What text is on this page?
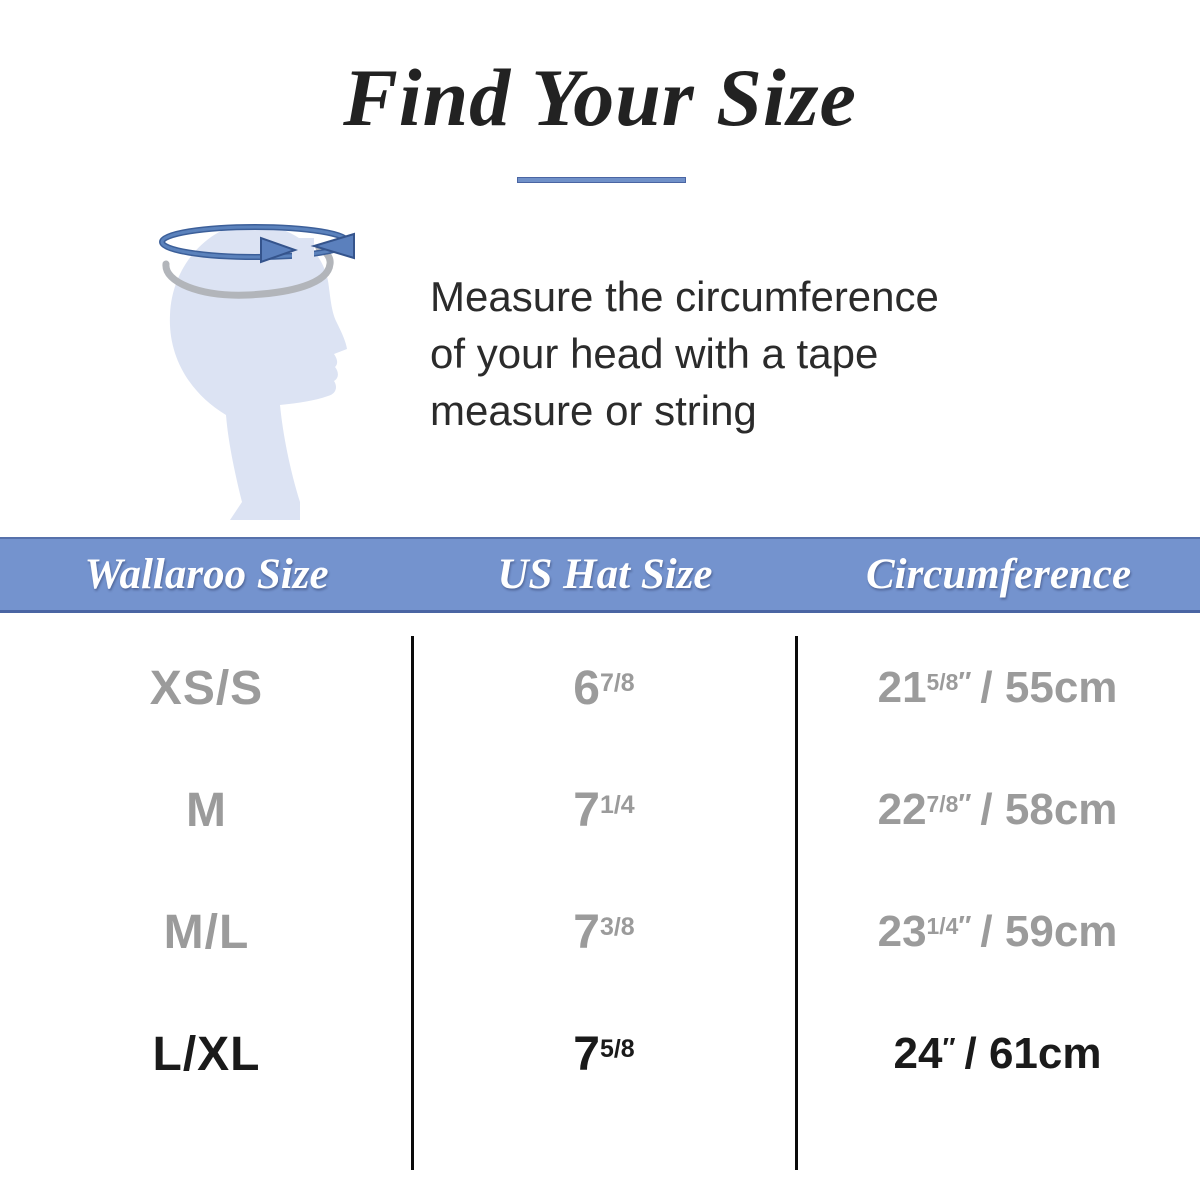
Find Your Size
Measure the circumference
of your head with a tape
measure or string
Wallaroo Size	US Hat Size	Circumference
XS/S	$6^{7/8}$	$21^{5/8''} / 55cm$
M	$7^{1/4}$	$22^{7/8''} / 58cm$
M/L	$7^{3/8}$	$23^{1/4''} / 59cm$
L/XL	$7^{5/8}$	24″ / 61cm
